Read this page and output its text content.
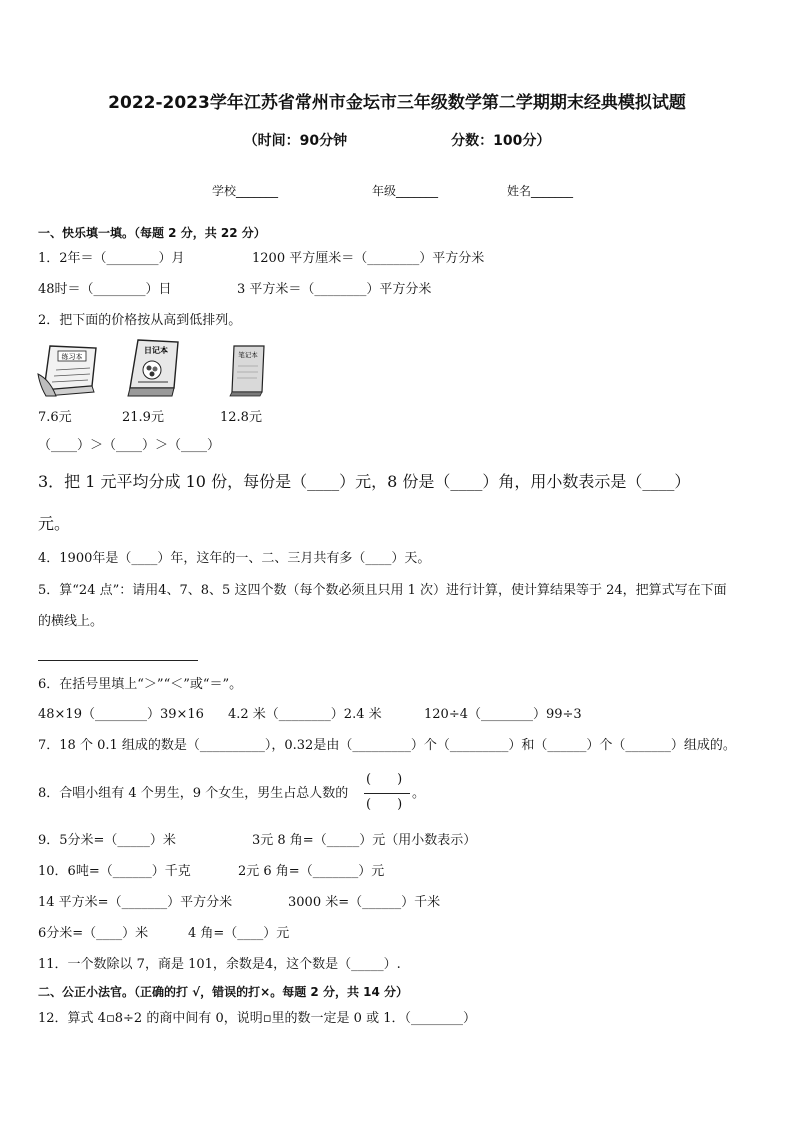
2022-2023学年江苏省常州市金坛市三年级数学第二学期期末经典模拟试题
（时间：90分钟	分数：100分）
学校_______	年级_______	姓名_______
一、快乐填一填。（每题 2 分，共 22 分）
1．2年＝（________）月	1200 平方厘米＝（________）平方分米
48时＝（________）日	3 平方米＝（________）平方分米
2．把下面的价格按从高到低排列。
练习本
日记本	笔记本
7.6元	21.9元	12.8元
（____）＞（____）＞（____）
3．把 1 元平均分成 10 份，每份是（____）元，8 份是（____）角，用小数表示是（____）
元。
4．1900年是（____）年，这年的一、二、三月共有多（____）天。
5．算“24 点”：请用4、7、8、5 这四个数（每个数必须且只用 1 次）进行计算，使计算结果等于 24，把算式写在下面
的横线上。
6．在括号里填上“＞”“＜”或“＝”。
48×19（________）39×16 4.2 米（________）2.4 米	120÷4（________）99÷3
7．18 个 0.1 组成的数是（__________），0.32是由（_________）个（_________）和（______）个（_______）组成的。
8．合唱小组有 4 个男生，9 个女生，男生占总人数的
(　　)
(　　)
。
9．5分米=（_____）米	3元 8 角=（_____）元（用小数表示）
10．6吨=（______）千克	2元 6 角=（_______）元
14 平方米=（_______）平方分米	3000 米=（______）千米
6分米=（____）米	4 角=（____）元
11．一个数除以 7，商是 101，余数是4，这个数是（_____）.
二、公正小法官。（正确的打 √，错误的打×。每题 2 分，共 14 分）
12．算式 4▫8÷2 的商中间有 0，说明▫里的数一定是 0 或 1．（________）
